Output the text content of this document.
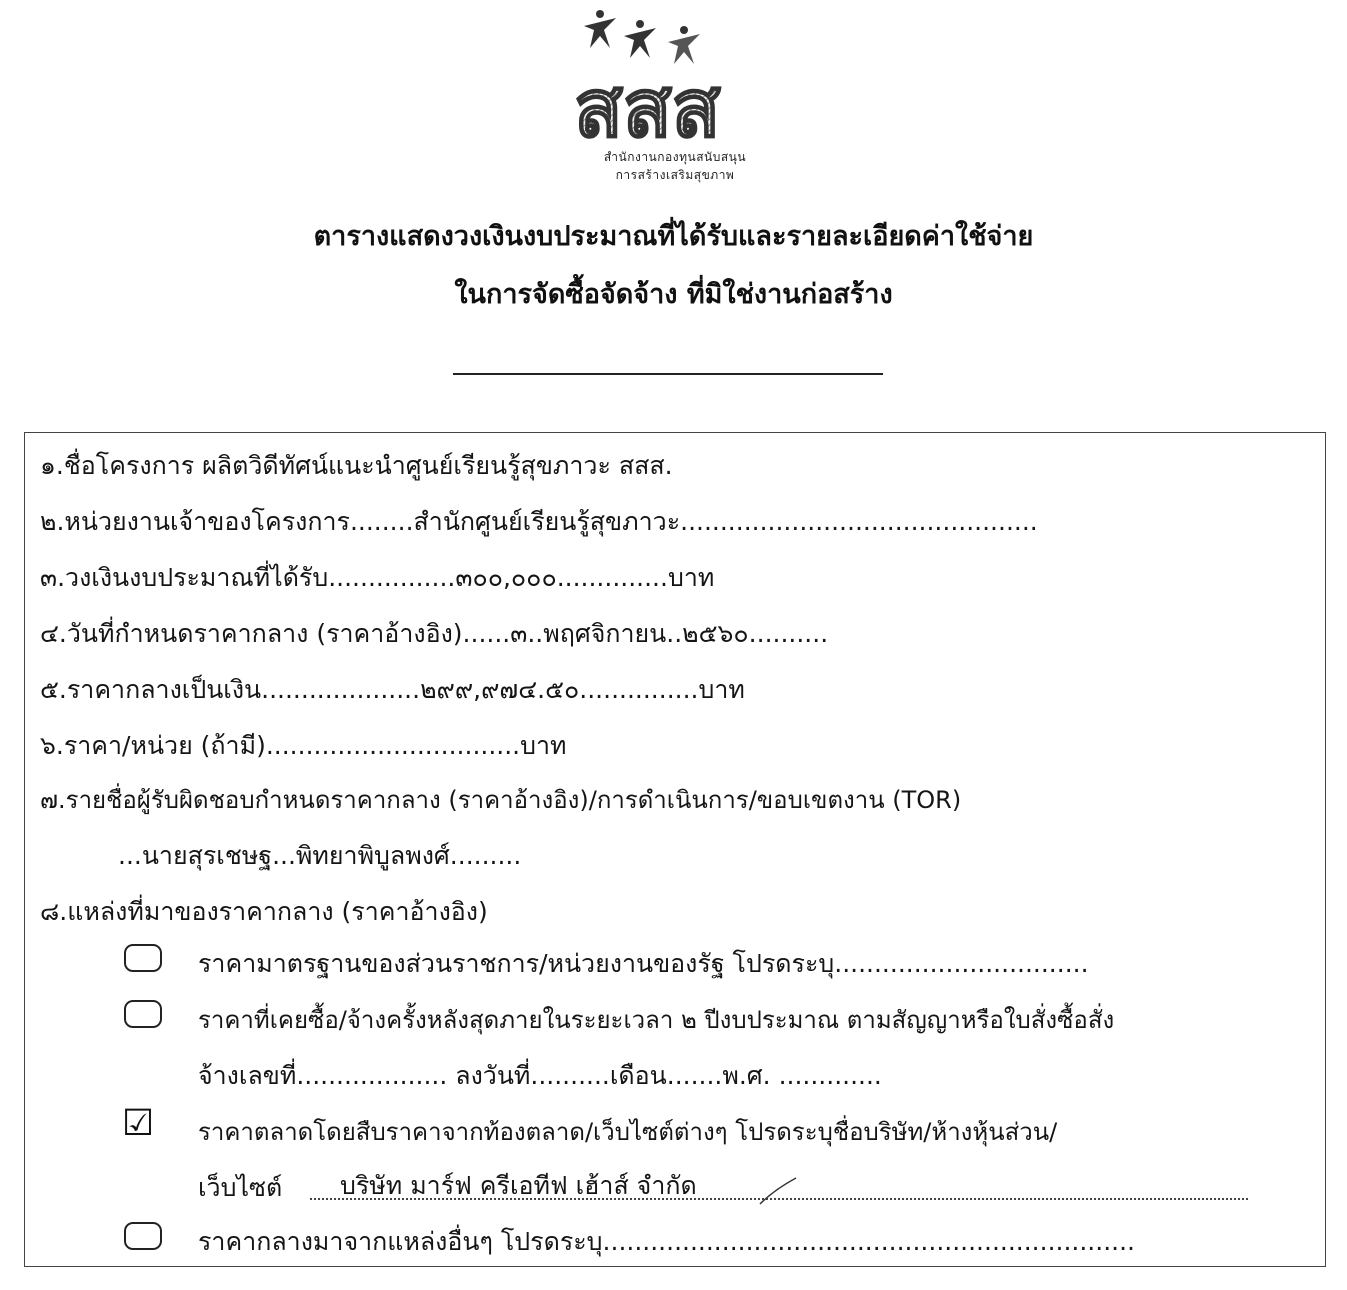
สสส
สำนักงานกองทุนสนับสนุน
การสร้างเสริมสุขภาพ
ตารางแสดงวงเงินงบประมาณที่ได้รับและรายละเอียดค่าใช้จ่าย
ในการจัดซื้อจัดจ้าง ที่มิใช่งานก่อสร้าง
๑.ชื่อโครงการ ผลิตวิดีทัศน์แนะนำศูนย์เรียนรู้สุขภาวะ สสส.
๒.หน่วยงานเจ้าของโครงการ........สำนักศูนย์เรียนรู้สุขภาวะ.............................................
๓.วงเงินงบประมาณที่ได้รับ................๓๐๐,๐๐๐..............บาท
๔.วันที่กำหนดราคากลาง (ราคาอ้างอิง)......๓..พฤศจิกายน..๒๕๖๐..........
๕.ราคากลางเป็นเงิน....................๒๙๙,๙๗๔.๕๐...............บาท
๖.ราคา/หน่วย (ถ้ามี)................................บาท
๗.รายชื่อผู้รับผิดชอบกำหนดราคากลาง (ราคาอ้างอิง)/การดำเนินการ/ขอบเขตงาน (TOR)
...นายสุรเชษฐ...พิทยาพิบูลพงศ์.........
๘.แหล่งที่มาของราคากลาง (ราคาอ้างอิง)
ราคามาตรฐานของส่วนราชการ/หน่วยงานของรัฐ โปรดระบุ................................
ราคาที่เคยซื้อ/จ้างครั้งหลังสุดภายในระยะเวลา ๒ ปีงบประมาณ ตามสัญญาหรือใบสั่งซื้อสั่ง
จ้างเลขที่................... ลงวันที่..........เดือน.......พ.ศ. .............
☑ ราคาตลาดโดยสืบราคาจากท้องตลาด/เว็บไซต์ต่างๆ โปรดระบุชื่อบริษัท/ห้างหุ้นส่วน/
เว็บไซต์ บริษัท มาร์ฟ ครีเอทีฟ เฮ้าส์ จำกัด
ราคากลางมาจากแหล่งอื่นๆ โปรดระบุ...................................................................
